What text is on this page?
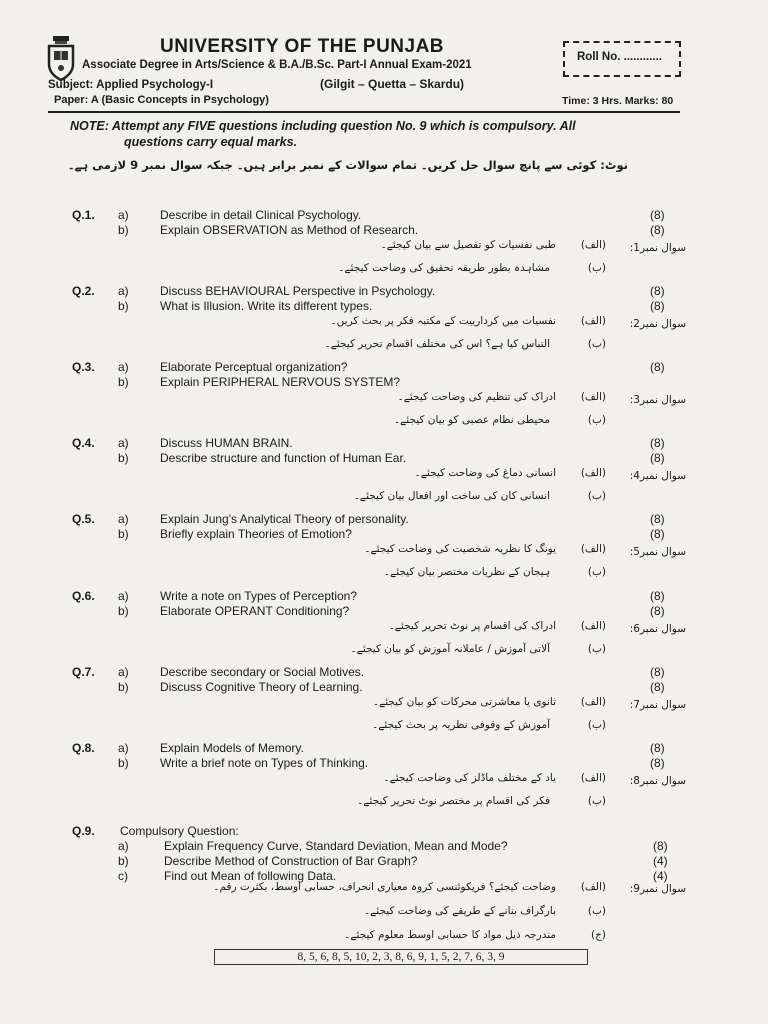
UNIVERSITY OF THE PUNJAB
Associate Degree in Arts/Science & B.A./B.Sc. Part-I Annual Exam-2021
Roll No. ............
Subject: Applied Psychology-I	(Gilgit – Quetta – Skardu)
Paper: A (Basic Concepts in Psychology)	Time: 3 Hrs. Marks: 80
NOTE: Attempt any FIVE questions including question No. 9 which is compulsory. All
questions carry equal marks.
نوٹ: کوئی سے پانچ سوال حل کریں۔ تمام سوالات کے نمبر برابر ہیں۔ جبکہ سوال نمبر 9 لازمی ہے۔
Q.1. a)	Describe in detail Clinical Psychology.	(8)
b)	Explain OBSERVATION as Method of Research.	(8)
سوال نمبر1:
(الف)
طبی نفسیات کو تفصیل سے بیان کیجئے۔
(ب)
مشاہدہ بطور طریقہ تحقیق کی وضاحت کیجئے۔
Q.2. a)	Discuss BEHAVIOURAL Perspective in Psychology.	(8)
b)	What is Illusion. Write its different types.	(8)
سوال نمبر2:
(الف)
نفسیات میں کردارییت کے مکتبہ فکر پر بحث کریں۔
(ب)
التباس کیا ہے؟ اس کی مختلف اقسام تحریر کیجئے۔
Q.3. a)	Elaborate Perceptual organization?	(8)
b)	Explain PERIPHERAL NERVOUS SYSTEM?
سوال نمبر3:
(الف)
ادراک کی تنظیم کی وضاحت کیجئے۔
(ب)
محیطی نظام عصبی کو بیان کیجئے۔
Q.4. a)	Discuss HUMAN BRAIN.	(8)
b)	Describe structure and function of Human Ear.	(8)
سوال نمبر4:
(الف)
انسانی دماغ کی وضاحت کیجئے۔
(ب)
انسانی کان کی ساخت اور افعال بیان کیجئے۔
Q.5. a)	Explain Jung's Analytical Theory of personality.	(8)
b)	Briefly explain Theories of Emotion?	(8)
سوال نمبر5:
(الف)
یونگ کا نظریہ شخصیت کی وضاحت کیجئے۔
(ب)
ہیجان کے نظریات مختصر بیان کیجئے۔
Q.6. a)	Write a note on Types of Perception?	(8)
b)	Elaborate OPERANT Conditioning?	(8)
سوال نمبر6:
(الف)
ادراک کی اقسام پر نوٹ تحریر کیجئے۔
(ب)
آلاتی آموزش / عاملانہ آموزش کو بیان کیجئے۔
Q.7. a)	Describe secondary or Social Motives.	(8)
b)	Discuss Cognitive Theory of Learning.	(8)
سوال نمبر7:
(الف)
ثانوی یا معاشرتی محرکات کو بیان کیجئے۔
(ب)
آموزش کے وقوفی نظریہ پر بحث کیجئے۔
Q.8. a)	Explain Models of Memory.	(8)
b)	Write a brief note on Types of Thinking.	(8)
سوال نمبر8:
(الف)
یاد کے مختلف ماڈلز کی وضاحت کیجئے۔
(ب)
فکر کی اقسام پر مختصر نوٹ تحریر کیجئے۔
Q.9. Compulsory Question:
a)	Explain Frequency Curve, Standard Deviation, Mean and Mode?	(8)
b)	Describe Method of Construction of Bar Graph?	(4)
c)	Find out Mean of following Data.	(4)
سوال نمبر9:
(الف)
وضاحت کیجئے؟ فریکوئنسی کروہ معیاری انحراف، حسابی اوسط، بکثرت رقم۔
(ب)
بارگراف بنانے کے طریقے کی وضاحت کیجئے۔
(ج)
مندرجہ ذیل مواد کا حسابی اوسط معلوم کیجئے۔
8, 5, 6, 8, 5, 10, 2, 3, 8, 6, 9, 1, 5, 2, 7, 6, 3, 9
